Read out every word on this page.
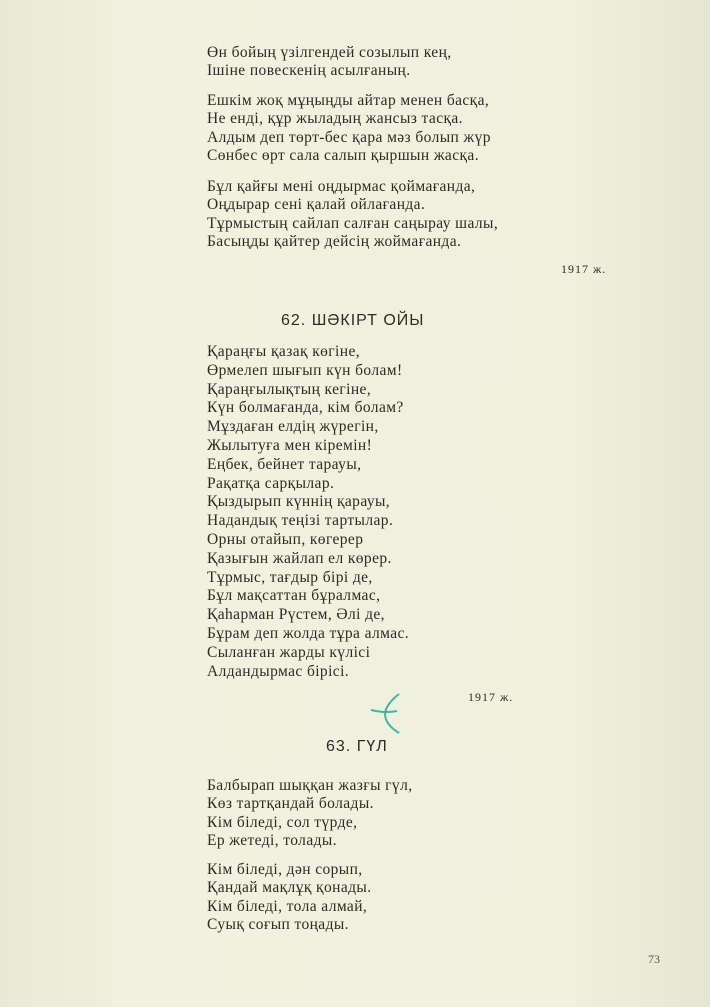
Өн бойың үзілгендей созылып кең,
Ішіне повескенің асылғаның.
Ешкім жоқ мұңыңды айтар менен басқа,
Не енді, құр жыладың жансыз тасқа.
Алдым деп төрт-бес қара мәз болып жүр
Сөнбес өрт сала салып қыршын жасқа.
Бұл қайғы мені оңдырмас қоймағанда,
Оңдырар сені қалай ойлағанда.
Тұрмыстың сайлап салған саңырау шалы,
Басыңды қайтер дейсің жоймағанда.
1917 ж.
62. ШӘКІРТ ОЙЫ
Қараңғы қазақ көгіне,
Өрмелеп шығып күн болам!
Қараңғылықтың кегіне,
Күн болмағанда, кім болам?
Мұздаған елдің жүрегін,
Жылытуға мен кіремін!
Еңбек, бейнет тарауы,
Рақатқа сарқылар.
Қыздырып күннің қарауы,
Надандық теңізі тартылар.
Орны отайып, көгерер
Қазығын жайлап ел көрер.
Тұрмыс, тағдыр бірі де,
Бұл мақсаттан бұралмас,
Қаһарман Рүстем, Әлі де,
Бұрам деп жолда тұра алмас.
Сыланған жарды күлісі
Алдандырмас бірісі.
1917 ж.
63. ГҮЛ
Балбырап шыққан жазғы гүл,
Көз тартқандай болады.
Кім біледі, сол түрде,
Ер жетеді, толады.
Кім біледі, дән сорып,
Қандай мақлұқ қонады.
Кім біледі, тола алмай,
Суық соғып тоңады.
73
